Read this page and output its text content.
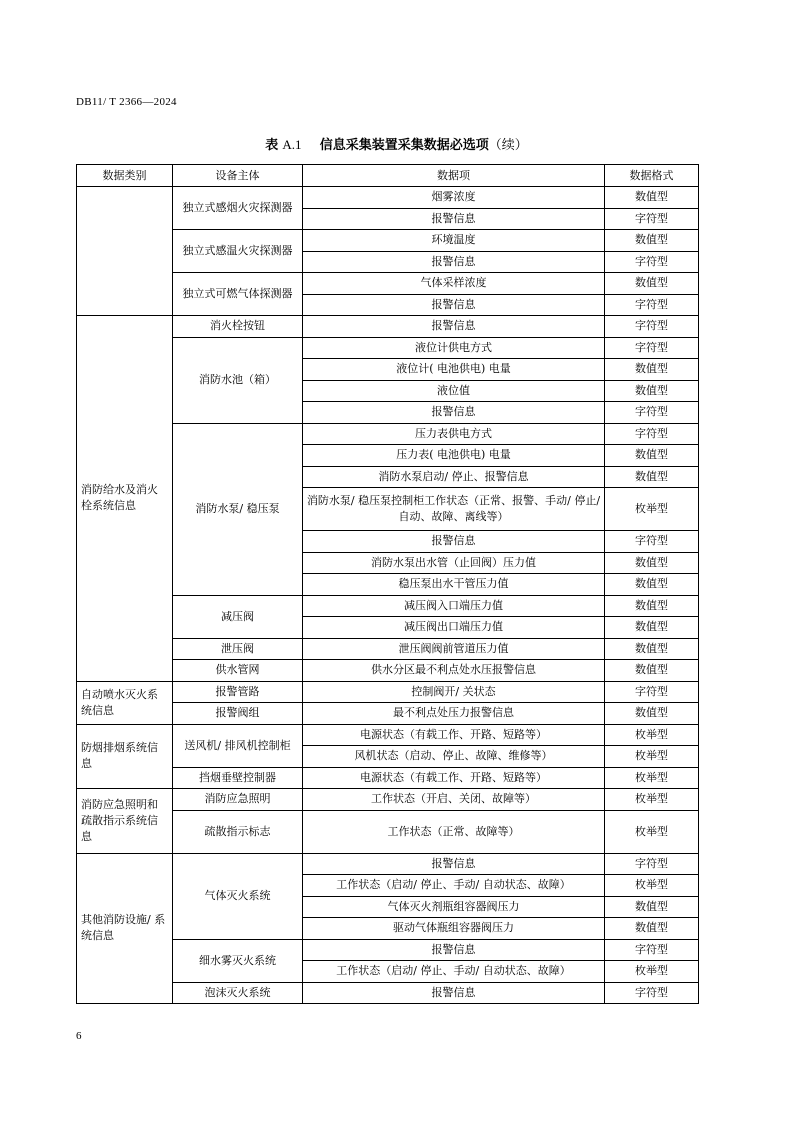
DB11/ T 2366—2024
表 A.1 信息采集装置采集数据必选项（续）
数据类别	设备主体	数据项	数据格式
	独立式感烟火灾探测器	烟雾浓度	数值型
		报警信息	字符型
	独立式感温火灾探测器	环境温度	数值型
		报警信息	字符型
	独立式可燃气体探测器	气体采样浓度	数值型
		报警信息	字符型
消防给水及消火栓系统信息	消火栓按钮	报警信息	字符型
	消防水池（箱）	液位计供电方式	字符型
		液位计( 电池供电) 电量	数值型
		液位值	数值型
		报警信息	字符型
	消防水泵/ 稳压泵	压力表供电方式	字符型
		压力表( 电池供电) 电量	数值型
		消防水泵启动/ 停止、报警信息	数值型
		消防水泵/ 稳压泵控制柜工作状态（正常、报警、手动/ 停止/ 自动、故障、离线等）	枚举型
		报警信息	字符型
		消防水泵出水管（止回阀）压力值	数值型
		稳压泵出水干管压力值	数值型
	减压阀	减压阀入口端压力值	数值型
		减压阀出口端压力值	数值型
	泄压阀	泄压阀阀前管道压力值	数值型
	供水管网	供水分区最不利点处水压报警信息	数值型
自动喷水灭火系统信息	报警管路	控制阀开/ 关状态	字符型
	报警阀组	最不利点处压力报警信息	数值型
防烟排烟系统信息	送风机/ 排风机控制柜	电源状态（有载工作、开路、短路等）	枚举型
		风机状态（启动、停止、故障、维修等）	枚举型
	挡烟垂壁控制器	电源状态（有载工作、开路、短路等）	枚举型
消防应急照明和疏散指示系统信息	消防应急照明	工作状态（开启、关闭、故障等）	枚举型
	疏散指示标志	工作状态（正常、故障等）	枚举型
其他消防设施/ 系统信息	气体灭火系统	报警信息	字符型
		工作状态（启动/ 停止、手动/ 自动状态、故障）	枚举型
		气体灭火剂瓶组容器阀压力	数值型
		驱动气体瓶组容器阀压力	数值型
	细水雾灭火系统	报警信息	字符型
		工作状态（启动/ 停止、手动/ 自动状态、故障）	枚举型
	泡沫灭火系统	报警信息	字符型
6
